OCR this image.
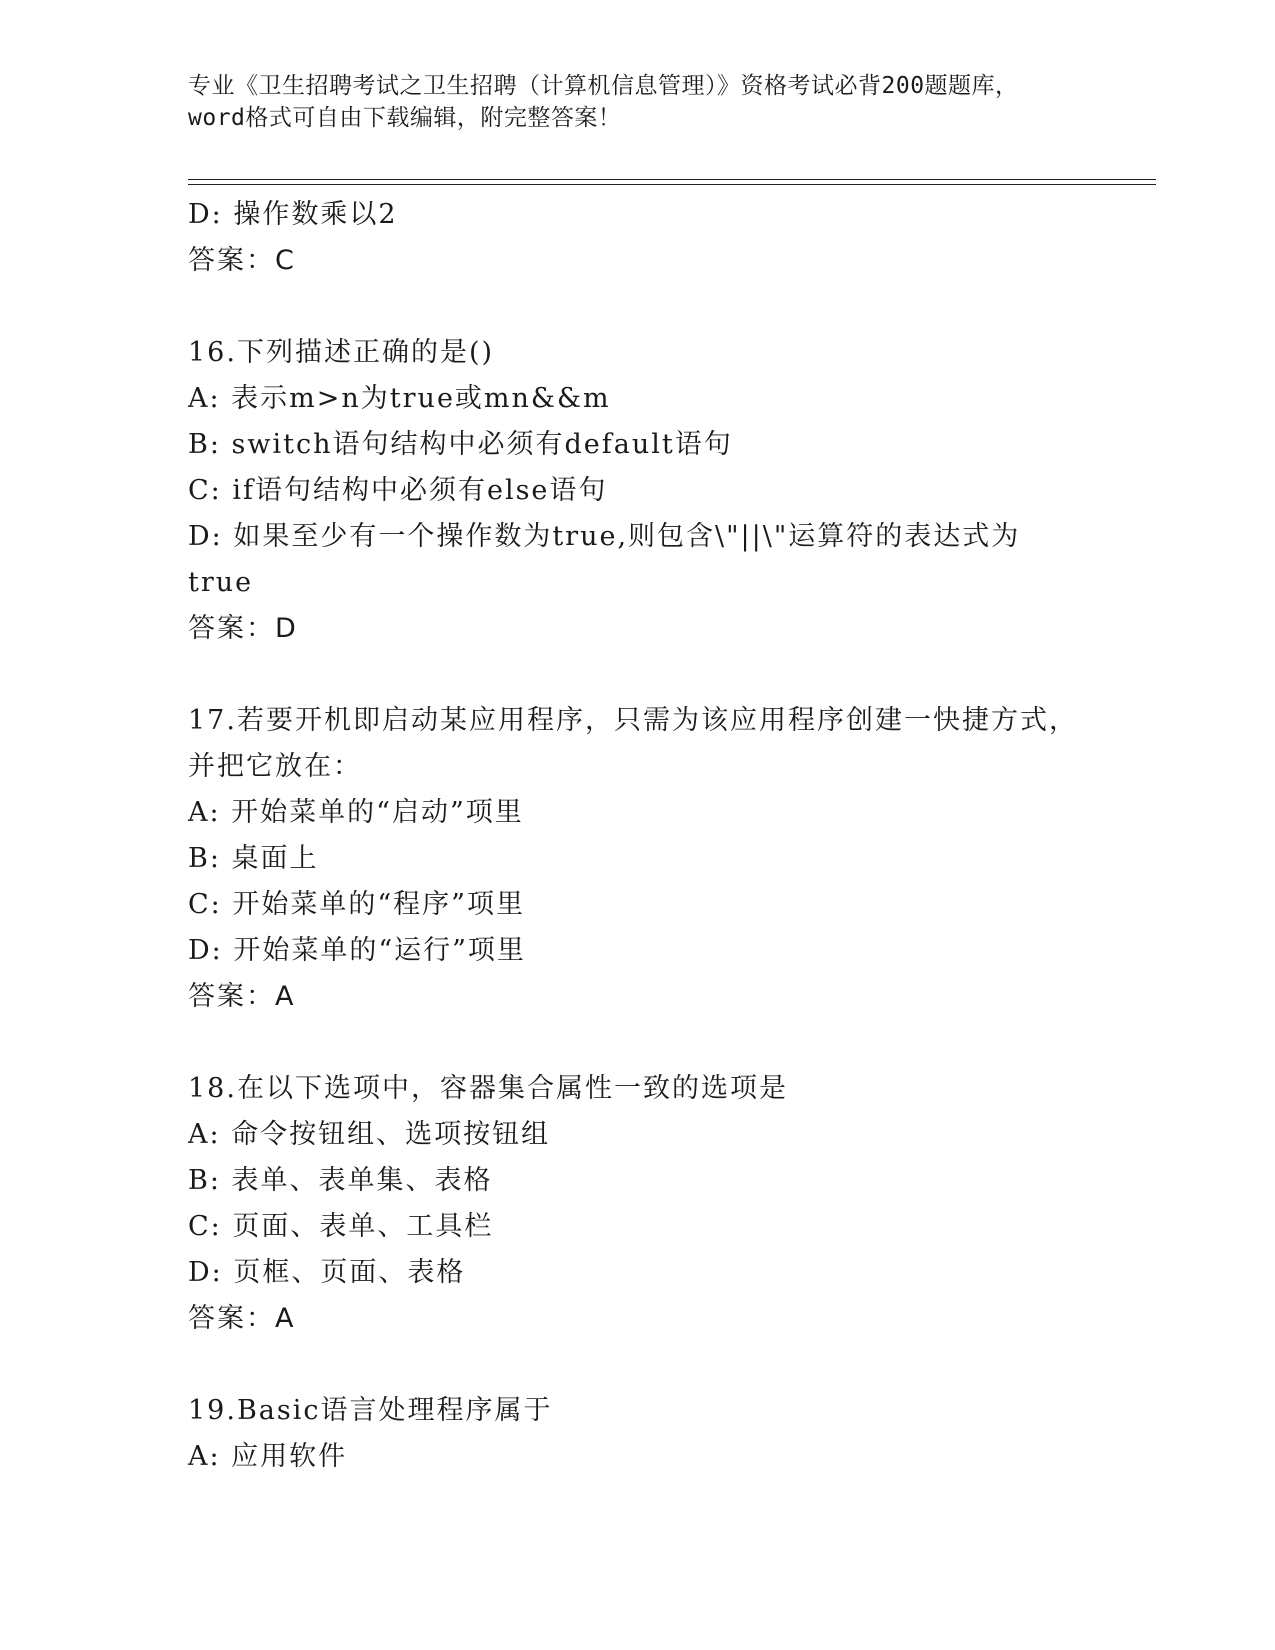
专业《卫生招聘考试之卫生招聘（计算机信息管理）》资格考试必背200题题库，
word格式可自由下载编辑，附完整答案！
D: 操作数乘以2
答案：C
16.下列描述正确的是()
A: 表示m>n为true或mn&&m
B: switch语句结构中必须有default语句
C: if语句结构中必须有else语句
D: 如果至少有一个操作数为true,则包含\"||\"运算符的表达式为
true
答案：D
17.若要开机即启动某应用程序，只需为该应用程序创建一快捷方式，
并把它放在：
A: 开始菜单的“启动”项里
B: 桌面上
C: 开始菜单的“程序”项里
D: 开始菜单的“运行”项里
答案：A
18.在以下选项中，容器集合属性一致的选项是
A: 命令按钮组、选项按钮组
B: 表单、表单集、表格
C: 页面、表单、工具栏
D: 页框、页面、表格
答案：A
19.Basic语言处理程序属于
A: 应用软件
